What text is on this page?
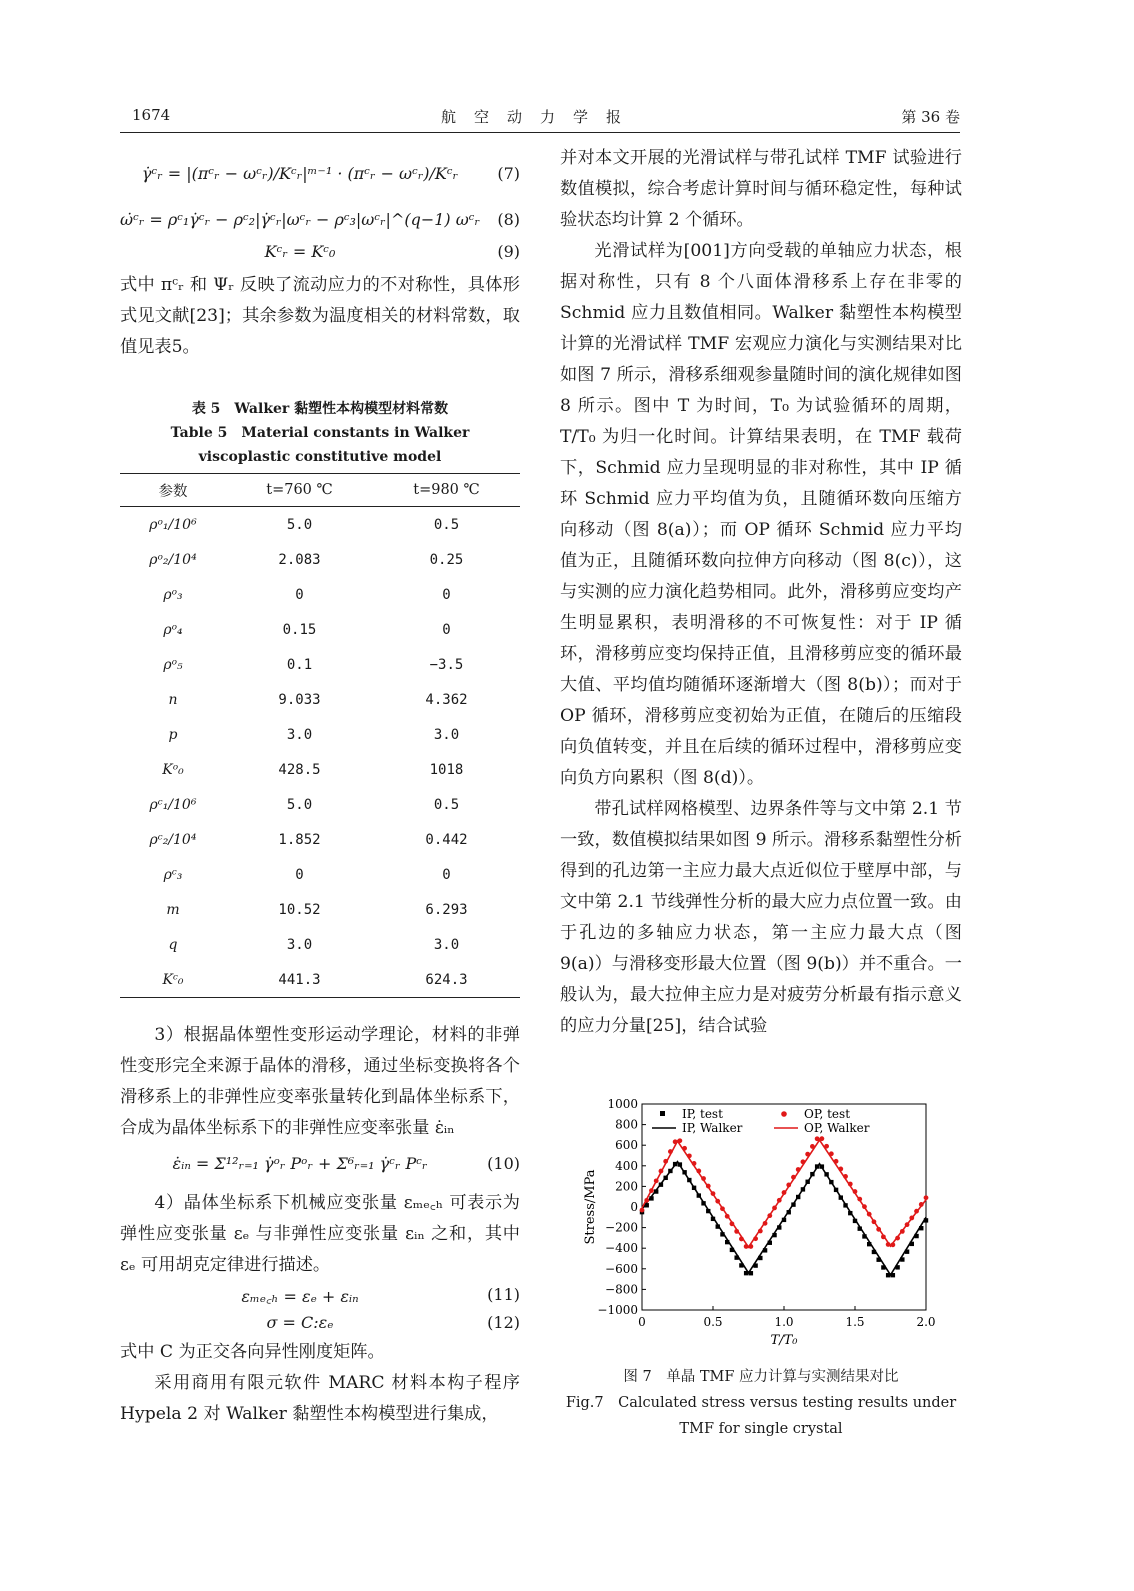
1674	航空动力学报	第 36 卷
γ̇ᶜᵣ = |(πᶜᵣ − ωᶜᵣ)/Kᶜᵣ|ᵐ⁻¹ · (πᶜᵣ − ωᶜᵣ)/Kᶜᵣ	(7)
ω̇ᶜᵣ = ρᶜ₁γ̇ᶜᵣ − ρᶜ₂|γ̇ᶜᵣ|ωᶜᵣ − ρᶜ₃|ωᶜᵣ|^(q−1) ωᶜᵣ (8)
Kᶜᵣ = Kᶜ₀	(9)

式中 πᶜᵣ 和 Ψᵣ 反映了流动应力的不对称性，具体形式见文献[23]；其余参数为温度相关的材料常数，取值见表5。

表 5　Walker 黏塑性本构模型材料常数
Table 5　Material constants in Walker viscoplastic constitutive model
参数	t=760 ℃	t=980 ℃
ρᵒ₁/10⁶	5.0	0.5
ρᵒ₂/10⁴	2.083	0.25
ρᵒ₃	0	0
ρᵒ₄	0.15	0
ρᵒ₅	0.1	−3.5
n	9.033	4.362
p	3.0	3.0
Kᵒ₀	428.5	1018
ρᶜ₁/10⁶	5.0	0.5
ρᶜ₂/10⁴	1.852	0.442
ρᶜ₃	0	0
m	10.52	6.293
q	3.0	3.0
Kᶜ₀	441.3	624.3

3）根据晶体塑性变形运动学理论，材料的非弹性变形完全来源于晶体的滑移，通过坐标变换将各个滑移系上的非弹性应变率张量转化到晶体坐标系下，合成为晶体坐标系下的非弹性应变率张量 ε̇ᵢₙ

ε̇ᵢₙ = Σ¹²ᵣ₌₁ γ̇ᵒᵣ Pᵒᵣ + Σ⁶ᵣ₌₁ γ̇ᶜᵣ Pᶜᵣ	(10)

4）晶体坐标系下机械应变张量 εₘₑ꜀ₕ 可表示为弹性应变张量 εₑ 与非弹性应变张量 εᵢₙ 之和，其中 εₑ 可用胡克定律进行描述。

εₘₑ꜀ₕ = εₑ + εᵢₙ	(11)
σ = C:εₑ	(12)

式中 C 为正交各向异性刚度矩阵。

采用商用有限元软件 MARC 材料本构子程序 Hypela 2 对 Walker 黏塑性本构模型进行集成，

并对本文开展的光滑试样与带孔试样 TMF 试验进行数值模拟，综合考虑计算时间与循环稳定性，每种试验状态均计算 2 个循环。

光滑试样为[001]方向受载的单轴应力状态，根据对称性，只有 8 个八面体滑移系上存在非零的 Schmid 应力且数值相同。Walker 黏塑性本构模型计算的光滑试样 TMF 宏观应力演化与实测结果对比如图 7 所示，滑移系细观参量随时间的演化规律如图 8 所示。图中 T 为时间，T₀ 为试验循环的周期，T/T₀ 为归一化时间。计算结果表明，在 TMF 载荷下，Schmid 应力呈现明显的非对称性，其中 IP 循环 Schmid 应力平均值为负，且随循环数向压缩方向移动（图 8(a)）；而 OP 循环 Schmid 应力平均值为正，且随循环数向拉伸方向移动（图 8(c)），这与实测的应力演化趋势相同。此外，滑移剪应变均产生明显累积，表明滑移的不可恢复性：对于 IP 循环，滑移剪应变均保持正值，且滑移剪应变的循环最大值、平均值均随循环逐渐增大（图 8(b)）；而对于 OP 循环，滑移剪应变初始为正值，在随后的压缩段向负值转变，并且在后续的循环过程中，滑移剪应变向负方向累积（图 8(d)）。

带孔试样网格模型、边界条件等与文中第 2.1 节一致，数值模拟结果如图 9 所示。滑移系黏塑性分析得到的孔边第一主应力最大点近似位于壁厚中部，与文中第 2.1 节线弹性分析的最大应力点位置一致。由于孔边的多轴应力状态，第一主应力最大点（图 9(a)）与滑移变形最大位置（图 9(b)）并不重合。一般认为，最大拉伸主应力是对疲劳分析最有指示意义的应力分量[25]，结合试验

1000
800
600
400
200
0
−200
−400
−600
−800
−1000
0	0.5	1.0	1.5	2.0
T/T₀
Stress/MPa
IP, test
IP, Walker
OP, test
OP, Walker
图 7　单晶 TMF 应力计算与实测结果对比
Fig.7　Calculated stress versus testing results under
TMF for single crystal
